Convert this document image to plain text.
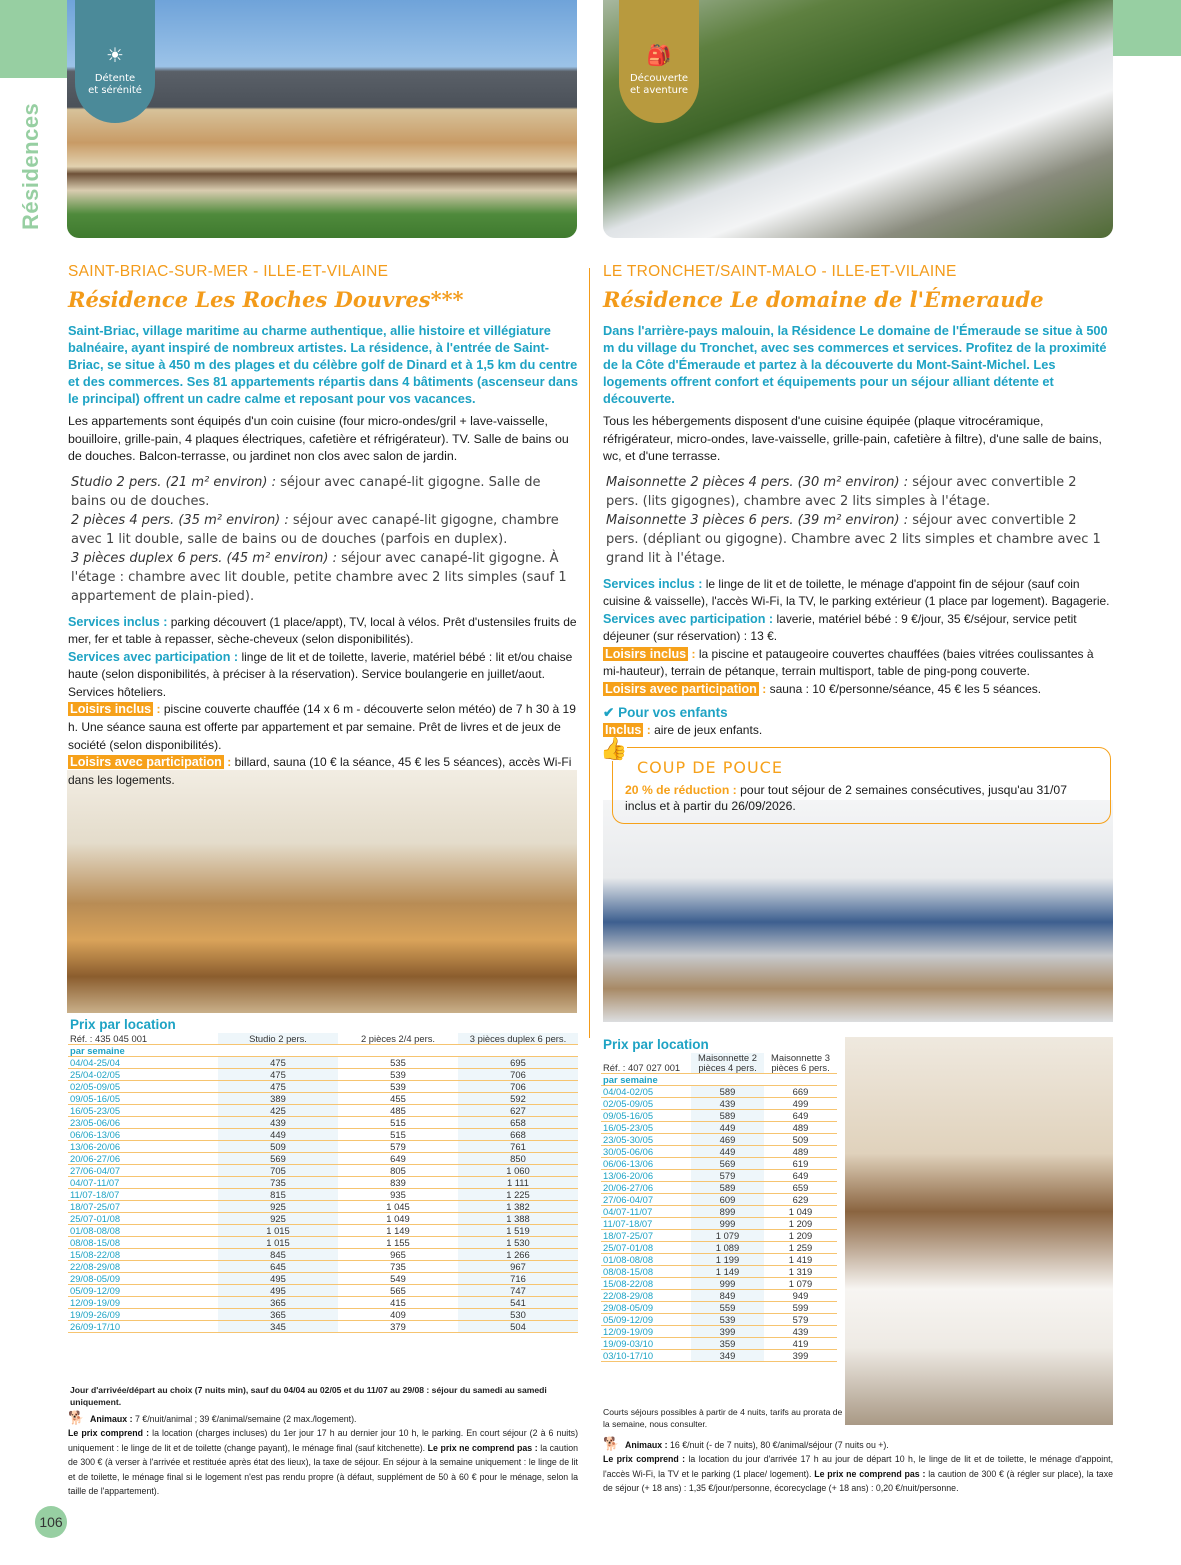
Résidences
☀
Détente
et sérénité
🎒
Découverte
et aventure
SAINT-BRIAC-SUR-MER - ILLE-ET-VILAINE
Résidence Les Roches Douvres***
Saint-Briac, village maritime au charme authentique, allie histoire et villégiature balnéaire, ayant inspiré de nombreux artistes. La résidence, à l'entrée de Saint-Briac, se situe à 450 m des plages et du célèbre golf de Dinard et à 1,5 km du centre et des commerces. Ses 81 appartements répartis dans 4 bâtiments (ascenseur dans le principal) offrent un cadre calme et reposant pour vos vacances.
Les appartements sont équipés d'un coin cuisine (four micro-ondes/gril + lave-vaisselle, bouilloire, grille-pain, 4 plaques électriques, cafetière et réfrigérateur). TV. Salle de bains ou de douches. Balcon-terrasse, ou jardinet non clos avec salon de jardin.
Studio 2 pers. (21 m² environ) : séjour avec canapé-lit gigogne. Salle de bains ou de douches.
2 pièces 4 pers. (35 m² environ) : séjour avec canapé-lit gigogne, chambre avec 1 lit double, salle de bains ou de douches (parfois en duplex).
3 pièces duplex 6 pers. (45 m² environ) : séjour avec canapé-lit gigogne. À l'étage : chambre avec lit double, petite chambre avec 2 lits simples (sauf 1 appartement de plain-pied).

Services inclus : parking découvert (1 place/appt), TV, local à vélos. Prêt d'ustensiles fruits de mer, fer et table à repasser, sèche-cheveux (selon disponibilités).

Services avec participation : linge de lit et de toilette, laverie, matériel bébé : lit et/ou chaise haute (selon disponibilités, à préciser à la réservation). Service boulangerie en juillet/aout. Services hôteliers.

Loisirs inclus : piscine couverte chauffée (14 x 6 m - découverte selon météo) de 7 h 30 à 19 h. Une séance sauna est offerte par appartement et par semaine. Prêt de livres et de jeux de société (selon disponibilités).

Loisirs avec participation : billard, sauna (10 € la séance, 45 € les 5 séances), accès Wi-Fi dans les logements.

Prix par location
Réf. : 435 045 001	Studio 2 pers.	2 pièces 2/4 pers.	3 pièces duplex 6 pers.
par semaine			
04/04-25/04	475	535	695
25/04-02/05	475	539	706
02/05-09/05	475	539	706
09/05-16/05	389	455	592
16/05-23/05	425	485	627
23/05-06/06	439	515	658
06/06-13/06	449	515	668
13/06-20/06	509	579	761
20/06-27/06	569	649	850
27/06-04/07	705	805	1 060
04/07-11/07	735	839	1 111
11/07-18/07	815	935	1 225
18/07-25/07	925	1 045	1 382
25/07-01/08	925	1 049	1 388
01/08-08/08	1 015	1 149	1 519
08/08-15/08	1 015	1 155	1 530
15/08-22/08	845	965	1 266
22/08-29/08	645	735	967
29/08-05/09	495	549	716
05/09-12/09	495	565	747
12/09-19/09	365	415	541
19/09-26/09	365	409	530
26/09-17/10	345	379	504
Jour d'arrivée/départ au choix (7 nuits min), sauf du 04/04 au 02/05 et du 11/07 au 29/08 : séjour du samedi au samedi uniquement.
🐕 Animaux : 7 €/nuit/animal ; 39 €/animal/semaine (2 max./logement).
Le prix comprend : la location (charges incluses) du 1er jour 17 h au dernier jour 10 h, le parking. En court séjour (2 à 6 nuits) uniquement : le linge de lit et de toilette (change payant), le ménage final (sauf kitchenette). Le prix ne comprend pas : la caution de 300 € (à verser à l'arrivée et restituée après état des lieux), la taxe de séjour. En séjour à la semaine uniquement : le linge de lit et de toilette, le ménage final si le logement n'est pas rendu propre (à défaut, supplément de 50 à 60 € pour le ménage, selon la taille de l'appartement).
106
LE TRONCHET/SAINT-MALO - ILLE-ET-VILAINE
Résidence Le domaine de l'Émeraude
Dans l'arrière-pays malouin, la Résidence Le domaine de l'Émeraude se situe à 500 m du village du Tronchet, avec ses commerces et services. Profitez de la proximité de la Côte d'Émeraude et partez à la découverte du Mont-Saint-Michel. Les logements offrent confort et équipements pour un séjour alliant détente et découverte.
Tous les hébergements disposent d'une cuisine équipée (plaque vitrocéramique, réfrigérateur, micro-ondes, lave-vaisselle, grille-pain, cafetière à filtre), d'une salle de bains, wc, et d'une terrasse.
Maisonnette 2 pièces 4 pers. (30 m² environ) : séjour avec convertible 2 pers. (lits gigognes), chambre avec 2 lits simples à l'étage.
Maisonnette 3 pièces 6 pers. (39 m² environ) : séjour avec convertible 2 pers. (dépliant ou gigogne). Chambre avec 2 lits simples et chambre avec 1 grand lit à l'étage.

Services inclus : le linge de lit et de toilette, le ménage d'appoint fin de séjour (sauf coin cuisine & vaisselle), l'accès Wi-Fi, la TV, le parking extérieur (1 place par logement). Bagagerie.

Services avec participation : laverie, matériel bébé : 9 €/jour, 35 €/séjour, service petit déjeuner (sur réservation) : 13 €.

Loisirs inclus : la piscine et pataugeoire couvertes chauffées (baies vitrées coulissantes à mi-hauteur), terrain de pétanque, terrain multisport, table de ping-pong couverte.

Loisirs avec participation : sauna : 10 €/personne/séance, 45 € les 5 séances.

✔ Pour vos enfants
Inclus : aire de jeux enfants.
COUP DE POUCE
20 % de réduction : pour tout séjour de 2 semaines consécutives, jusqu'au 31/07 inclus et à partir du 26/09/2026.
👍
Prix par location
Réf. : 407 027 001	Maisonnette 2 pièces 4 pers.	Maisonnette 3 pièces 6 pers.
par semaine		
04/04-02/05	589	669
02/05-09/05	439	499
09/05-16/05	589	649
16/05-23/05	449	489
23/05-30/05	469	509
30/05-06/06	449	489
06/06-13/06	569	619
13/06-20/06	579	649
20/06-27/06	589	659
27/06-04/07	609	629
04/07-11/07	899	1 049
11/07-18/07	999	1 209
18/07-25/07	1 079	1 209
25/07-01/08	1 089	1 259
01/08-08/08	1 199	1 419
08/08-15/08	1 149	1 319
15/08-22/08	999	1 079
22/08-29/08	849	949
29/08-05/09	559	599
05/09-12/09	539	579
12/09-19/09	399	439
19/09-03/10	359	419
03/10-17/10	349	399
Courts séjours possibles à partir de 4 nuits, tarifs au prorata de la semaine, nous consulter.
🐕 Animaux : 16 €/nuit (- de 7 nuits), 80 €/animal/séjour (7 nuits ou +).
Le prix comprend : la location du jour d'arrivée 17 h au jour de départ 10 h, le linge de lit et de toilette, le ménage d'appoint, l'accès Wi-Fi, la TV et le parking (1 place/ logement). Le prix ne comprend pas : la caution de 300 € (à régler sur place), la taxe de séjour (+ 18 ans) : 1,35 €/jour/personne, écorecyclage (+ 18 ans) : 0,20 €/nuit/personne.
